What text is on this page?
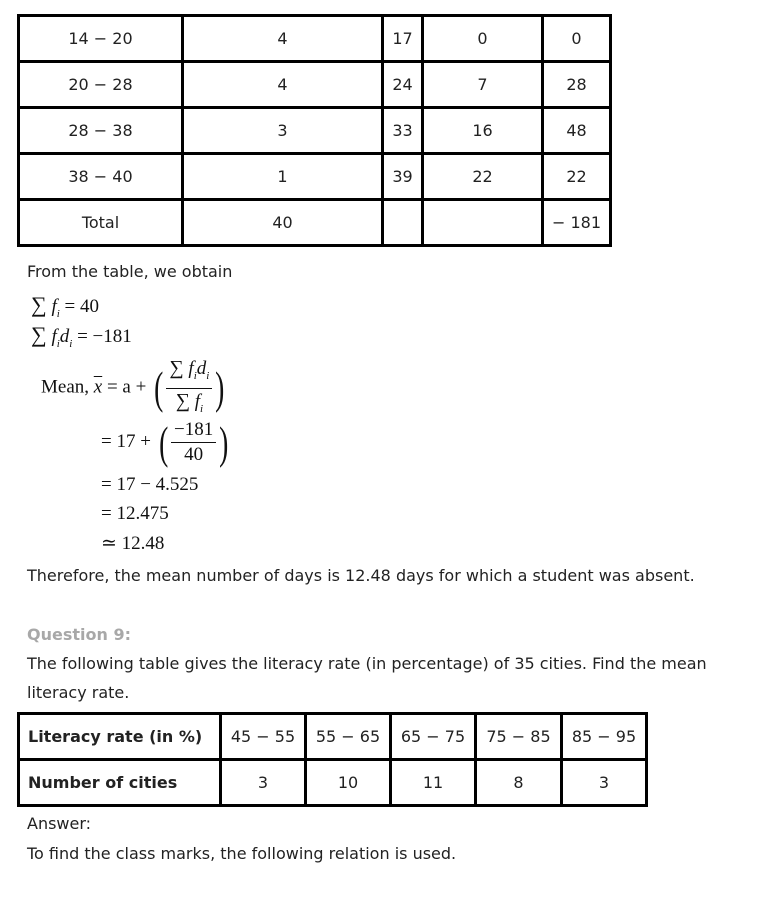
14 − 20	4	17	0	0
20 − 28	4	24	7	28
28 − 38	3	33	16	48
38 − 40	1	39	22	22
Total	40			− 181
From the table, we obtain
∑ $f_i = 40$
∑ $f_id_i = -181$
Mean, $\overline{x} = a$ + ( $\frac{\sum f_id_i}{\sum f_i}$ )
= 17 + ( $\frac{-181}{40}$ )
= 17 − 4.525
= 12.475
≃ 12.48
Therefore, the mean number of days is 12.48 days for which a student was absent.
Question 9:
The following table gives the literacy rate (in percentage) of 35 cities. Find the mean
literacy rate.
Literacy rate (in %)	45 − 55	55 − 65	65 − 75	75 − 85	85 − 95
Number of cities	3	10	11	8	3
Answer:
To find the class marks, the following relation is used.
